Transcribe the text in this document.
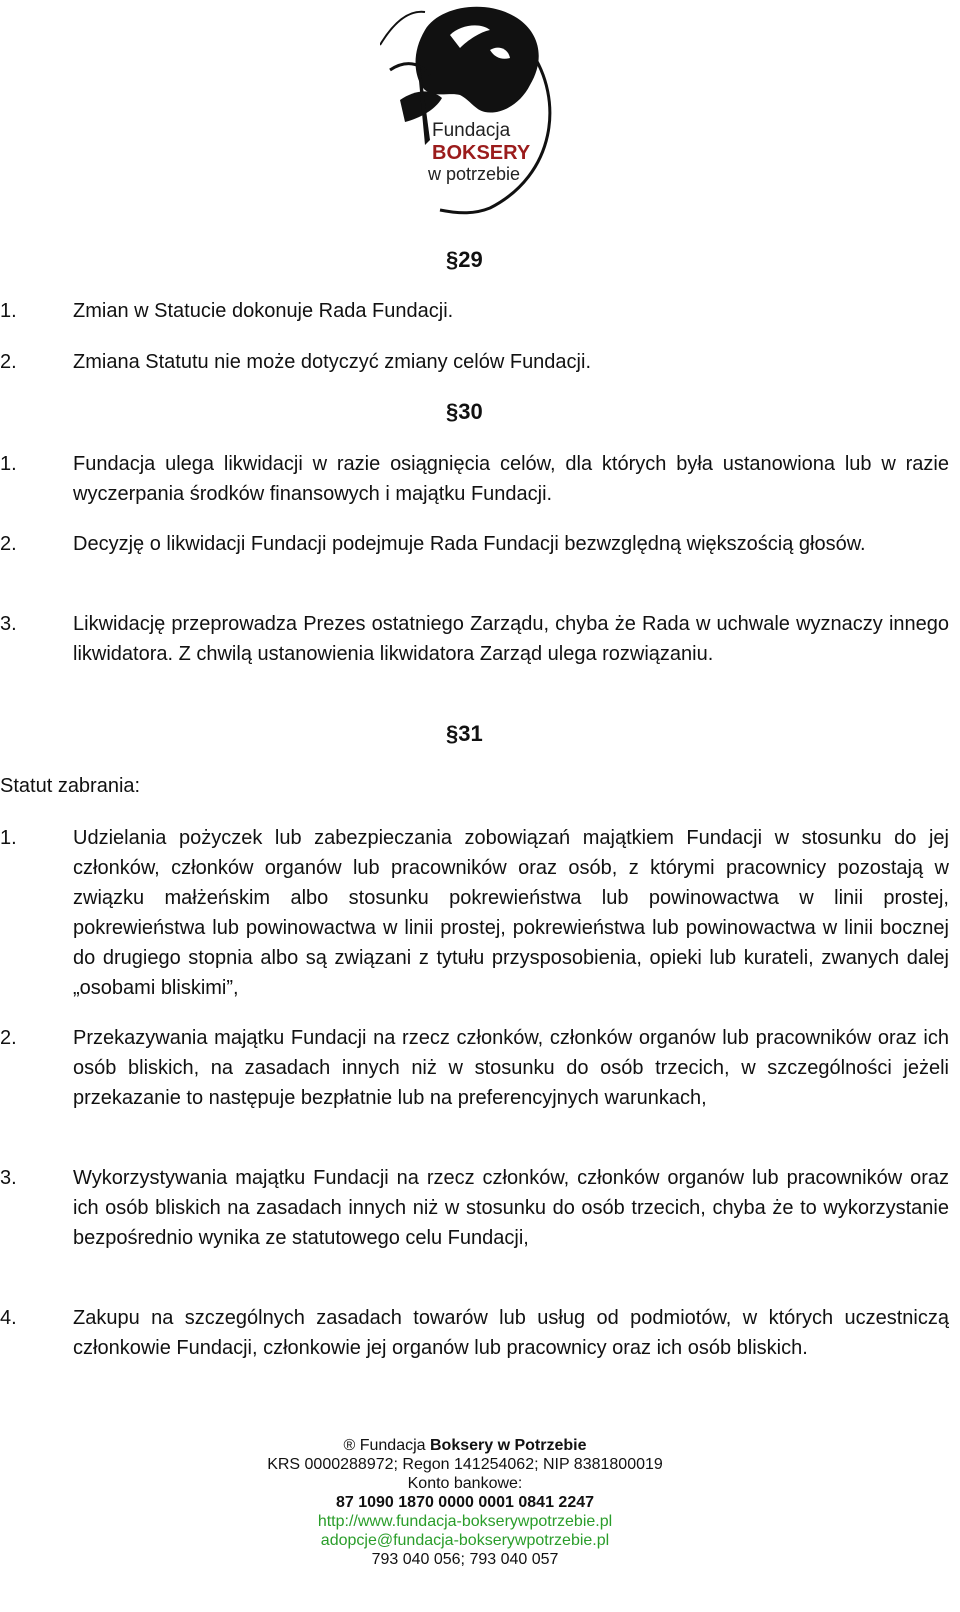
Fundacja
BOKSERY
w potrzebie
§29
1.	Zmian w Statucie dokonuje Rada Fundacji.
2.	Zmiana Statutu nie może dotyczyć zmiany celów Fundacji.
§30
1.	Fundacja ulega likwidacji w razie osiągnięcia celów, dla których była ustanowiona lub w razie wyczerpania środków finansowych i majątku Fundacji.
2.	Decyzję o likwidacji Fundacji podejmuje Rada Fundacji bezwzględną większością głosów.
3.	Likwidację przeprowadza Prezes ostatniego Zarządu, chyba że Rada w uchwale wyznaczy innego likwidatora. Z chwilą ustanowienia likwidatora Zarząd ulega rozwiązaniu.
§31
Statut zabrania:
1.	Udzielania pożyczek lub zabezpieczania zobowiązań majątkiem Fundacji w stosunku do jej członków, członków organów lub pracowników oraz osób, z którymi pracownicy pozostają w związku małżeńskim albo stosunku pokrewieństwa lub powinowactwa w linii prostej, pokrewieństwa lub powinowactwa w linii prostej, pokrewieństwa lub powinowactwa w linii bocznej do drugiego stopnia albo są związani z tytułu przysposobienia, opieki lub kurateli, zwanych dalej „osobami bliskimi”,
2.	Przekazywania majątku Fundacji na rzecz członków, członków organów lub pracowników oraz ich osób bliskich, na zasadach innych niż w stosunku do osób trzecich, w szczególności jeżeli przekazanie to następuje bezpłatnie lub na preferencyjnych warunkach,
3.	Wykorzystywania majątku Fundacji na rzecz członków, członków organów lub pracowników oraz ich osób bliskich na zasadach innych niż w stosunku do osób trzecich, chyba że to wykorzystanie bezpośrednio wynika ze statutowego celu Fundacji,
4.	Zakupu na szczególnych zasadach towarów lub usług od podmiotów, w których uczestniczą członkowie Fundacji, członkowie jej organów lub pracownicy oraz ich osób bliskich.
® Fundacja Boksery w Potrzebie
KRS 0000288972; Regon 141254062; NIP 8381800019
Konto bankowe:
87 1090 1870 0000 0001 0841 2247
http://www.fundacja-bokserywpotrzebie.pl
adopcje@fundacja-bokserywpotrzebie.pl
793 040 056; 793 040 057
